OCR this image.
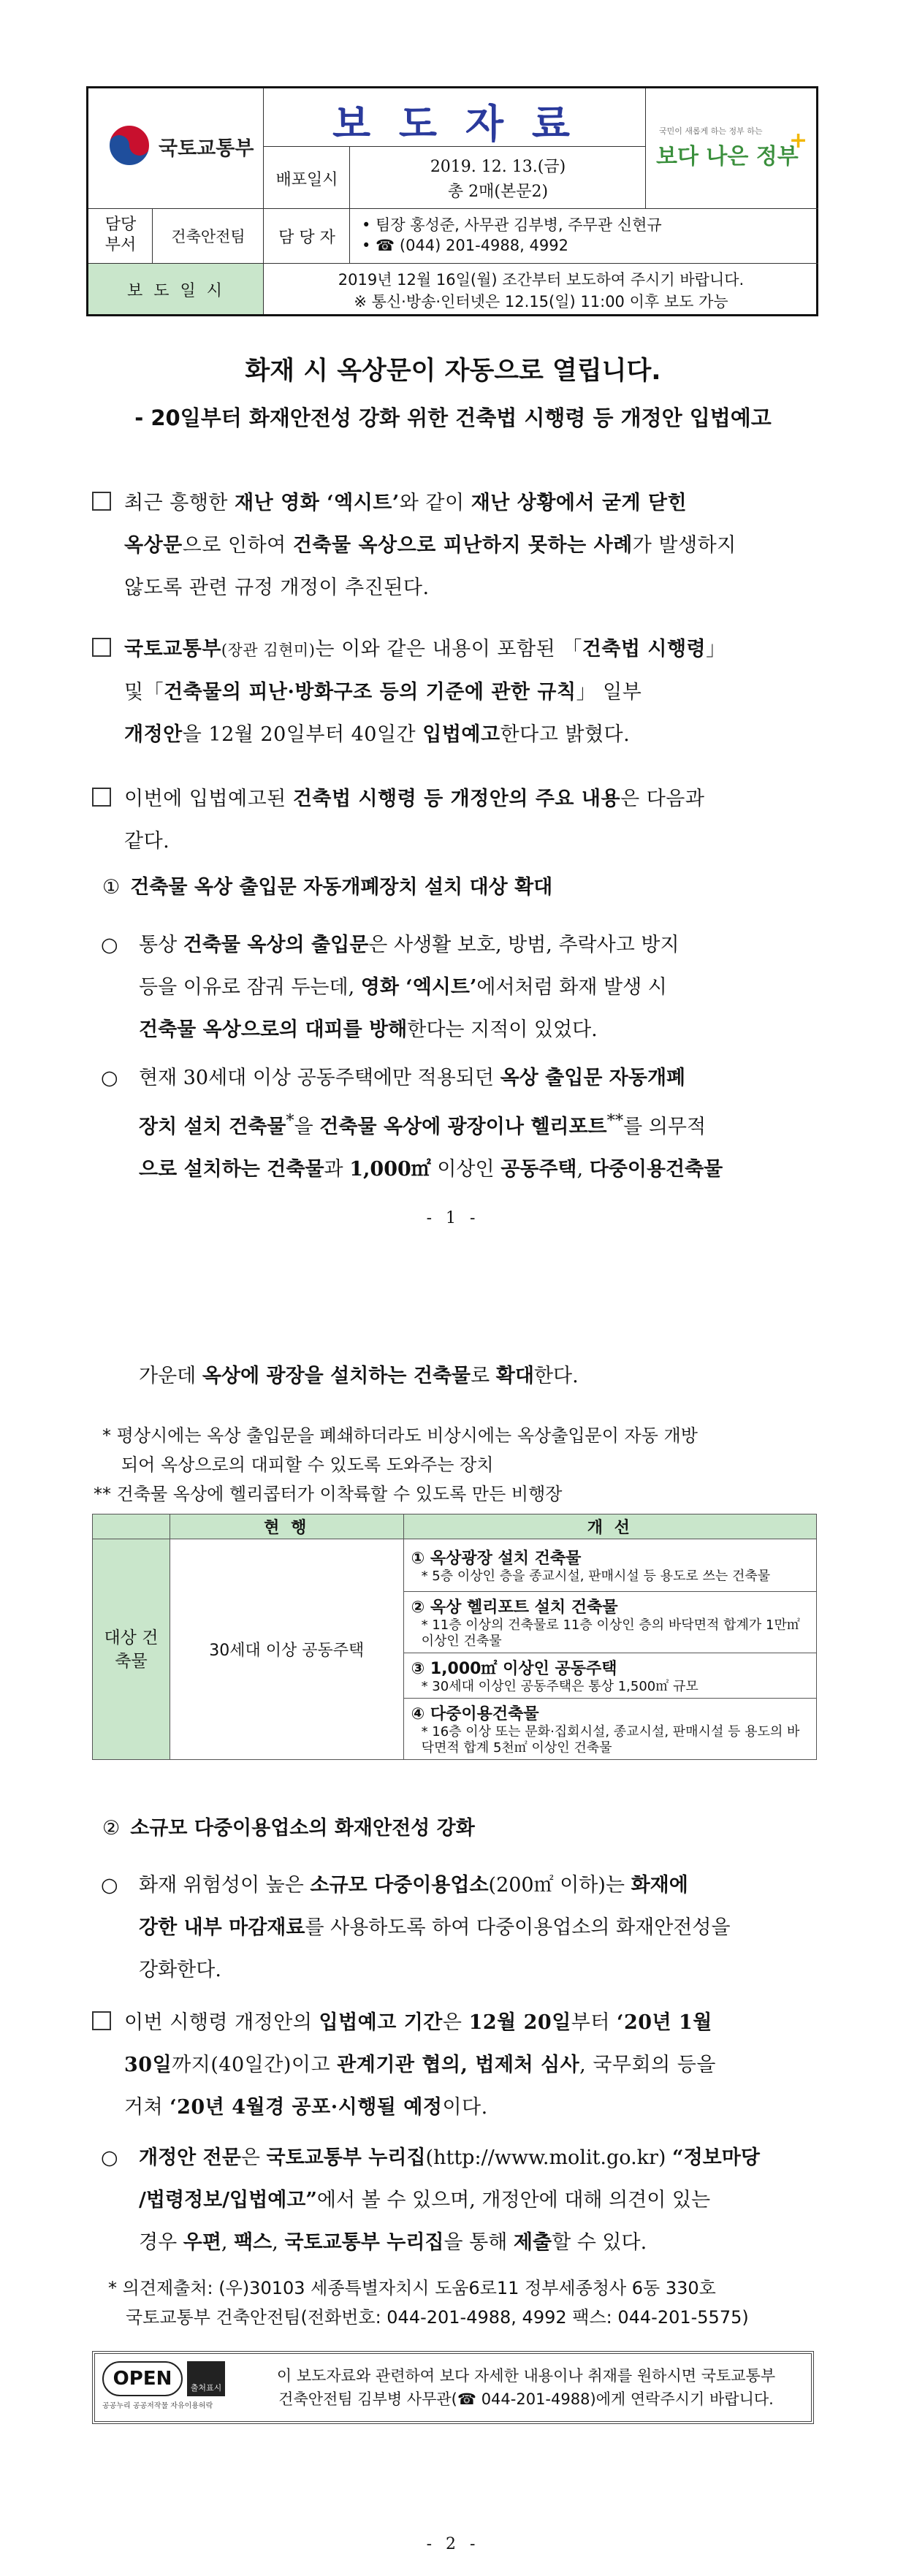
국토교통부
보 도 자 료	국민이 새롭게 하는 정부 하는
보다 나은 정부
+
배포일시
2019. 12. 13.(금)
총 2매(본문2)
담당 부서	건축안전팀	담 당 자
• 팀장 홍성준, 사무관 김부병, 주무관 신현규
• ☎ (044) 201-4988, 4992
보 도 일 시
2019년 12월 16일(월) 조간부터 보도하여 주시기 바랍니다.
※ 통신·방송·인터넷은 12.15(일) 11:00 이후 보도 가능
화재 시 옥상문이 자동으로 열립니다.
- 20일부터 화재안전성 강화 위한 건축법 시행령 등 개정안 입법예고
최근 흥행한 재난 영화 ‘엑시트’와 같이 재난 상황에서 굳게 닫힌
옥상문으로 인하여 건축물 옥상으로 피난하지 못하는 사례가 발생하지
않도록 관련 규정 개정이 추진된다.
국토교통부(장관 김현미)는 이와 같은 내용이 포함된 「건축법 시행령」
및「건축물의 피난·방화구조 등의 기준에 관한 규칙」 일부
개정안을 12월 20일부터 40일간 입법예고한다고 밝혔다.
이번에 입법예고된 건축법 시행령 등 개정안의 주요 내용은 다음과
같다.
① 건축물 옥상 출입문 자동개폐장치 설치 대상 확대
○ 통상 건축물 옥상의 출입문은 사생활 보호, 방범, 추락사고 방지
등을 이유로 잠궈 두는데, 영화 ‘엑시트’에서처럼 화재 발생 시
건축물 옥상으로의 대피를 방해한다는 지적이 있었다.
○ 현재 30세대 이상 공동주택에만 적용되던 옥상 출입문 자동개폐
장치 설치 건축물*을 건축물 옥상에 광장이나 헬리포트**를 의무적
으로 설치하는 건축물과 1,000㎡ 이상인 공동주택, 다중이용건축물
- 1 -
가운데 옥상에 광장을 설치하는 건축물로 확대한다.
* 평상시에는 옥상 출입문을 폐쇄하더라도 비상시에는 옥상출입문이 자동 개방
되어 옥상으로의 대피할 수 있도록 도와주는 장치
** 건축물 옥상에 헬리콥터가 이착륙할 수 있도록 만든 비행장
	현 행	개 선
대상 건축물	30세대 이상 공동주택	① 옥상광장 설치 건축물
* 5층 이상인 층을 종교시설, 판매시설 등 용도로 쓰는 건축물

		② 옥상 헬리포트 설치 건축물
* 11층 이상의 건축물로 11층 이상인 층의 바닥면적 합계가 1만㎡ 이상인 건축물

		③ 1,000㎡ 이상인 공동주택
* 30세대 이상인 공동주택은 통상 1,500㎡ 규모

		④ 다중이용건축물
* 16층 이상 또는 문화·집회시설, 종교시설, 판매시설 등 용도의 바닥면적 합계 5천㎡ 이상인 건축물
② 소규모 다중이용업소의 화재안전성 강화
○ 화재 위험성이 높은 소규모 다중이용업소(200㎡ 이하)는 화재에
강한 내부 마감재료를 사용하도록 하여 다중이용업소의 화재안전성을
강화한다.
이번 시행령 개정안의 입법예고 기간은 12월 20일부터 ‘20년 1월
30일까지(40일간)이고 관계기관 협의, 법제처 심사, 국무회의 등을
거쳐 ‘20년 4월경 공포·시행될 예정이다.
○ 개정안 전문은 국토교통부 누리집(http://www.molit.go.kr) “정보마당
/법령정보/입법예고”에서 볼 수 있으며, 개정안에 대해 의견이 있는
경우 우편, 팩스, 국토교통부 누리집을 통해 제출할 수 있다.
* 의견제출처: (우)30103 세종특별자치시 도움6로11 정부세종청사 6동 330호
국토교통부 건축안전팀(전화번호: 044-201-4988, 4992 팩스: 044-201-5575)
OPEN	출처표시
공공누리 공공저작물 자유이용허락
이 보도자료와 관련하여 보다 자세한 내용이나 취재를 원하시면 국토교통부
건축안전팀 김부병 사무관(☎ 044-201-4988)에게 연락주시기 바랍니다.
- 2 -
